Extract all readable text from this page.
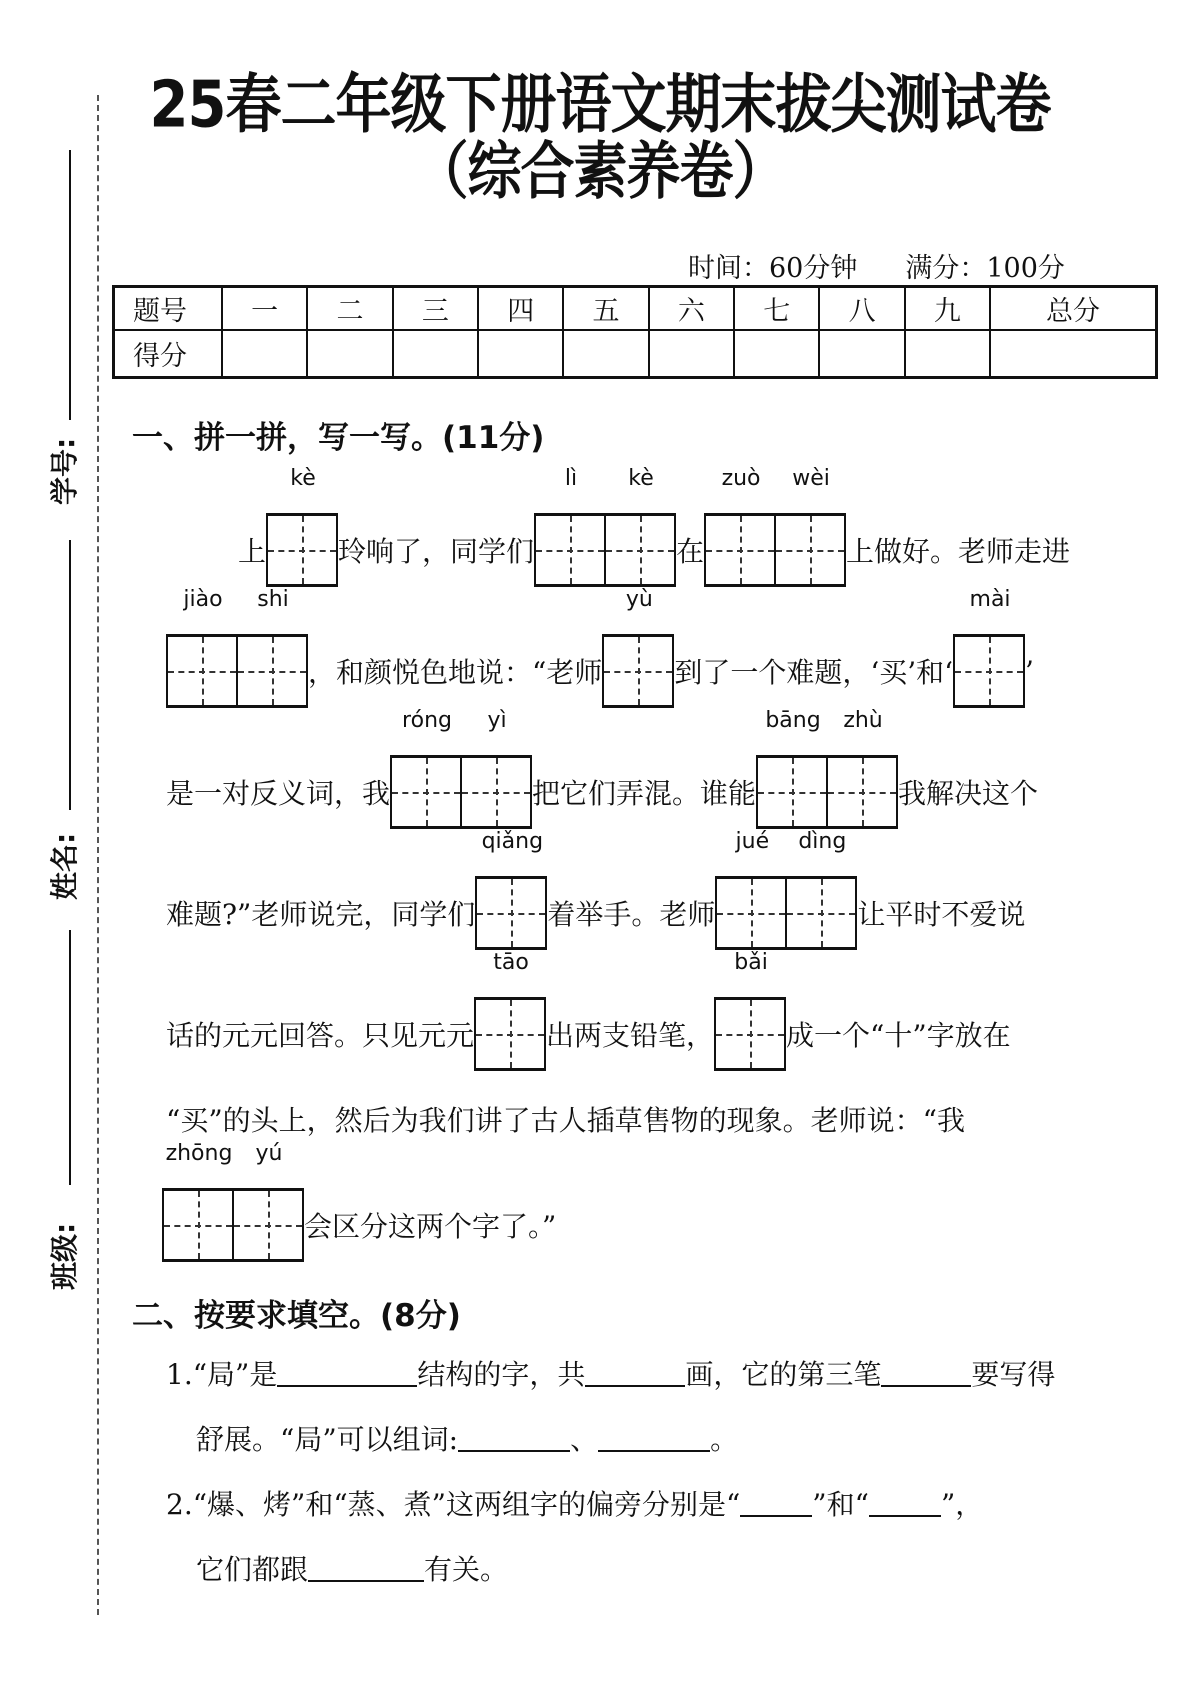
学号:
姓名:
班级:
25春二年级下册语文期末拔尖测试卷
（综合素养卷）
时间：60分钟 满分：100分
题号	一	二	三	四	五	六	七	八	九	总分
得分										
一、拼一拼，写一写。(11分)
上
kè
玲响了，同学们
lì	kè
在
zuò	wèi
上做好。老师走进
jiào	shi
，和颜悦色地说：“老师
yù
到了一个难题，‘买’和‘
mài
’
是一对反义词，我
róng	yì
把它们弄混。谁能
bāng	zhù
我解决这个
难题?”老师说完，同学们
qiǎng
着举手。老师
jué	dìng
让平时不爱说
话的元元回答。只见元元
tāo
出两支铅笔，
bǎi
成一个“十”字放在
“买”的头上，然后为我们讲了古人插草售物的现象。老师说：“我
zhōng	yú
会区分这两个字了。”
二、按要求填空。(8分)
1.“局”是	结构的字，共	画，它的第三笔	要写得
舒展。“局”可以组词:	、	。
2.“爆、烤”和“蒸、煮”这两组字的偏旁分别是“	”和“	”，
它们都跟	有关。
